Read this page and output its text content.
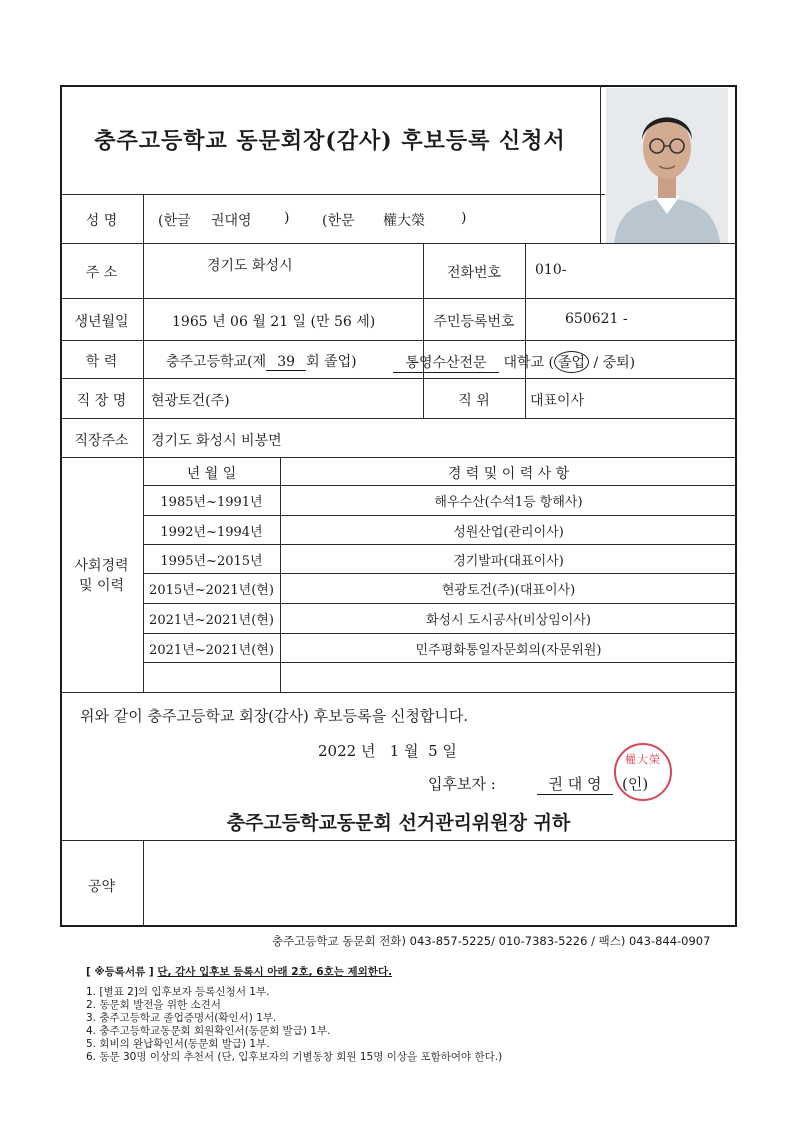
충주고등학교 동문회장(감사) 후보등록 신청서
성 명	(한글 권대영 ) (한문 權大榮	)
주 소	경기도 화성시	전화번호	010-
생년월일	1965 년 06 월 21 일 (만 56 세)	주민등록번호	650621 -
학 력	충주고등학교(제 39 회 졸업)	통영수산전문 대학교 ( 졸업 / 중퇴)
직 장 명	현광토건(주)	직 위	대표이사
직장주소	경기도 화성시 비봉면
사회경력
및 이력
년 월 일	경 력 및 이 력 사 항
1985년~1991년	해우수산(수석1등 항해사)
1992년~1994년	성원산업(관리이사)
1995년~2015년	경기발파(대표이사)
2015년~2021년(현)	현광토건(주)(대표이사)
2021년~2021년(현)	화성시 도시공사(비상임이사)
2021년~2021년(현)	민주평화통일자문회의(자문위원)
위와 같이 충주고등학교 회장(감사) 후보등록을 신청합니다.
2022 년   1 월  5 일
입후보자 :	권 대 영
權大榮
(인)
충주고등학교동문회 선거관리위원장 귀하
공약
충주고등학교 동문회 전화) 043-857-5225/ 010-7383-5226 / 팩스) 043-844-0907
[ ※등록서류 ] 단, 감사 입후보 등록시 아래 2호, 6호는 제외한다.
1. [별표 2]의 입후보자 등록신청서 1부.
2. 동문회 발전을 위한 소견서
3. 충주고등학교 졸업증명서(확인서) 1부.
4. 충주고등학교동문회 회원확인서(동문회 발급) 1부.
5. 회비의 완납확인서(동문회 발급) 1부.
6. 동문 30명 이상의 추천서 (단, 입후보자의 기별동창 회원 15명 이상을 포함하여야 한다.)
